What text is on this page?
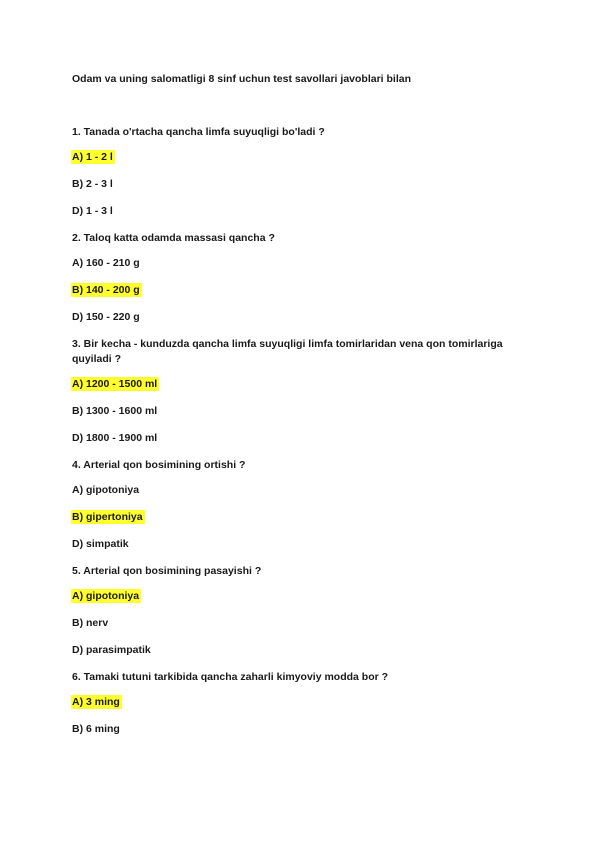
Odam va uning salomatligi 8 sinf uchun test savollari javoblari bilan

1. Tanada o'rtacha qancha limfa suyuqligi bo'ladi ?

A) 1 - 2 l

B) 2 - 3 l

D) 1 - 3 l

2. Taloq katta odamda massasi qancha ?

A) 160 - 210 g

B) 140 - 200 g

D) 150 - 220 g

3. Bir kecha - kunduzda qancha limfa suyuqligi limfa tomirlaridan vena qon tomirlariga quyiladi ?

A) 1200 - 1500 ml

B) 1300 - 1600 ml

D) 1800 - 1900 ml

4. Arterial qon bosimining ortishi ?

A) gipotoniya

B) gipertoniya

D) simpatik

5. Arterial qon bosimining pasayishi ?

A) gipotoniya

B) nerv

D) parasimpatik

6. Tamaki tutuni tarkibida qancha zaharli kimyoviy modda bor ?

A) 3 ming

B) 6 ming
